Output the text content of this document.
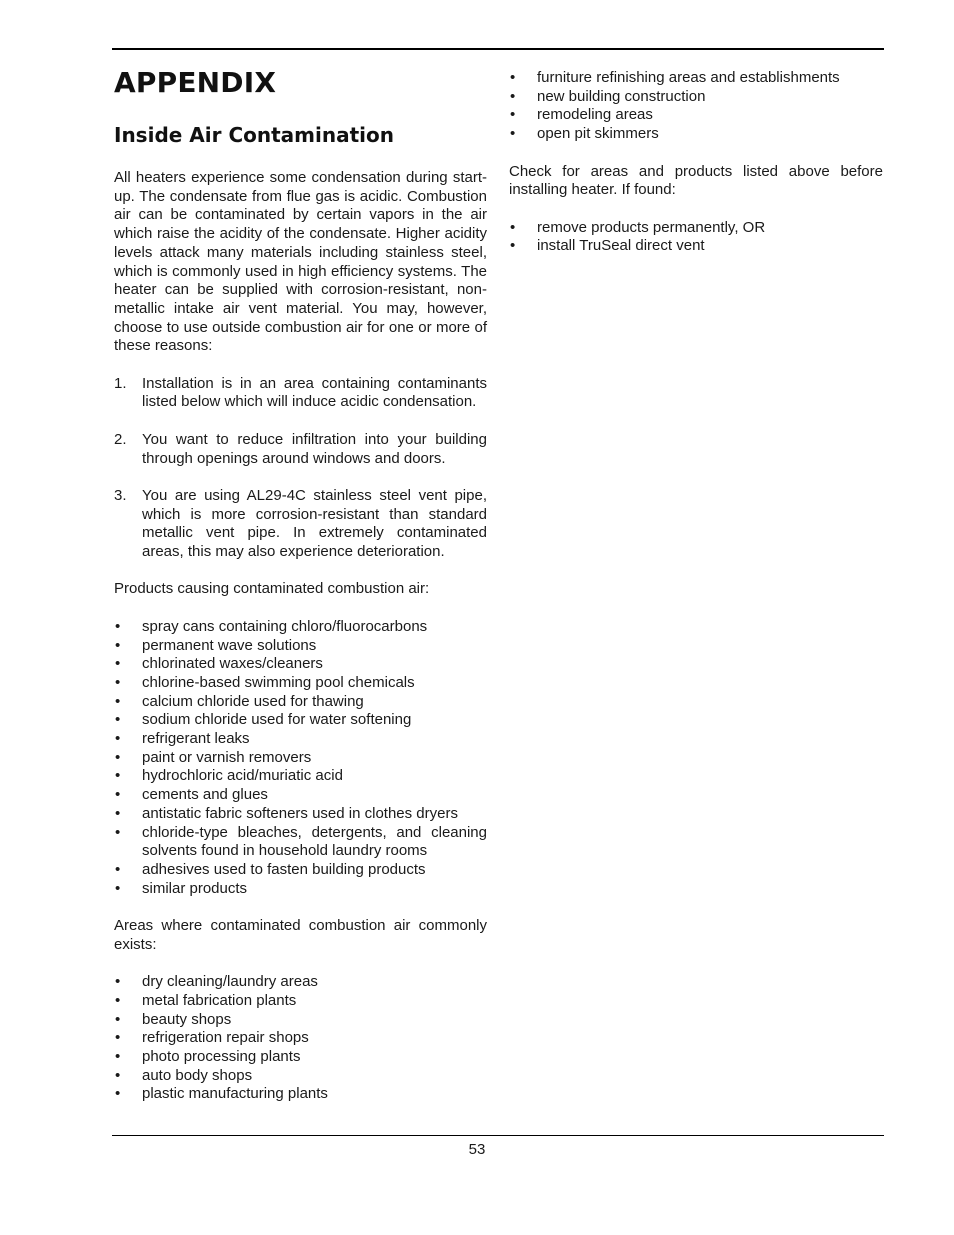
APPENDIX
Inside Air Contamination

All heaters experience some condensation during start-up. The condensate from flue gas is acidic. Combustion air can be contaminated by certain vapors in the air which raise the acidity of the condensate. Higher acidity levels attack many materials including stainless steel, which is commonly used in high efficiency systems. The heater can be supplied with corrosion-resistant, non-metallic intake air vent material. You may, however, choose to use outside combustion air for one or more of these reasons:

1. Installation is in an area containing contaminants listed below which will induce acidic condensation.
2. You want to reduce infiltration into your building through openings around windows and doors.
3. You are using AL29-4C stainless steel vent pipe, which is more corrosion-resistant than standard metallic vent pipe. In extremely contaminated areas, this may also experience deterioration.

Products causing contaminated combustion air:

• spray cans containing chloro/fluorocarbons
• permanent wave solutions
• chlorinated waxes/cleaners
• chlorine-based swimming pool chemicals
• calcium chloride used for thawing
• sodium chloride used for water softening
• refrigerant leaks
• paint or varnish removers
• hydrochloric acid/muriatic acid
• cements and glues
• antistatic fabric softeners used in clothes dryers
• chloride-type bleaches, detergents, and cleaning solvents found in household laundry rooms
• adhesives used to fasten building products
• similar products

Areas where contaminated combustion air commonly exists:

• dry cleaning/laundry areas
• metal fabrication plants
• beauty shops
• refrigeration repair shops
• photo processing plants
• auto body shops
• plastic manufacturing plants
• furniture refinishing areas and establishments
• new building construction
• remodeling areas
• open pit skimmers

Check for areas and products listed above before installing heater. If found:

• remove products permanently, OR
• install TruSeal direct vent
53
